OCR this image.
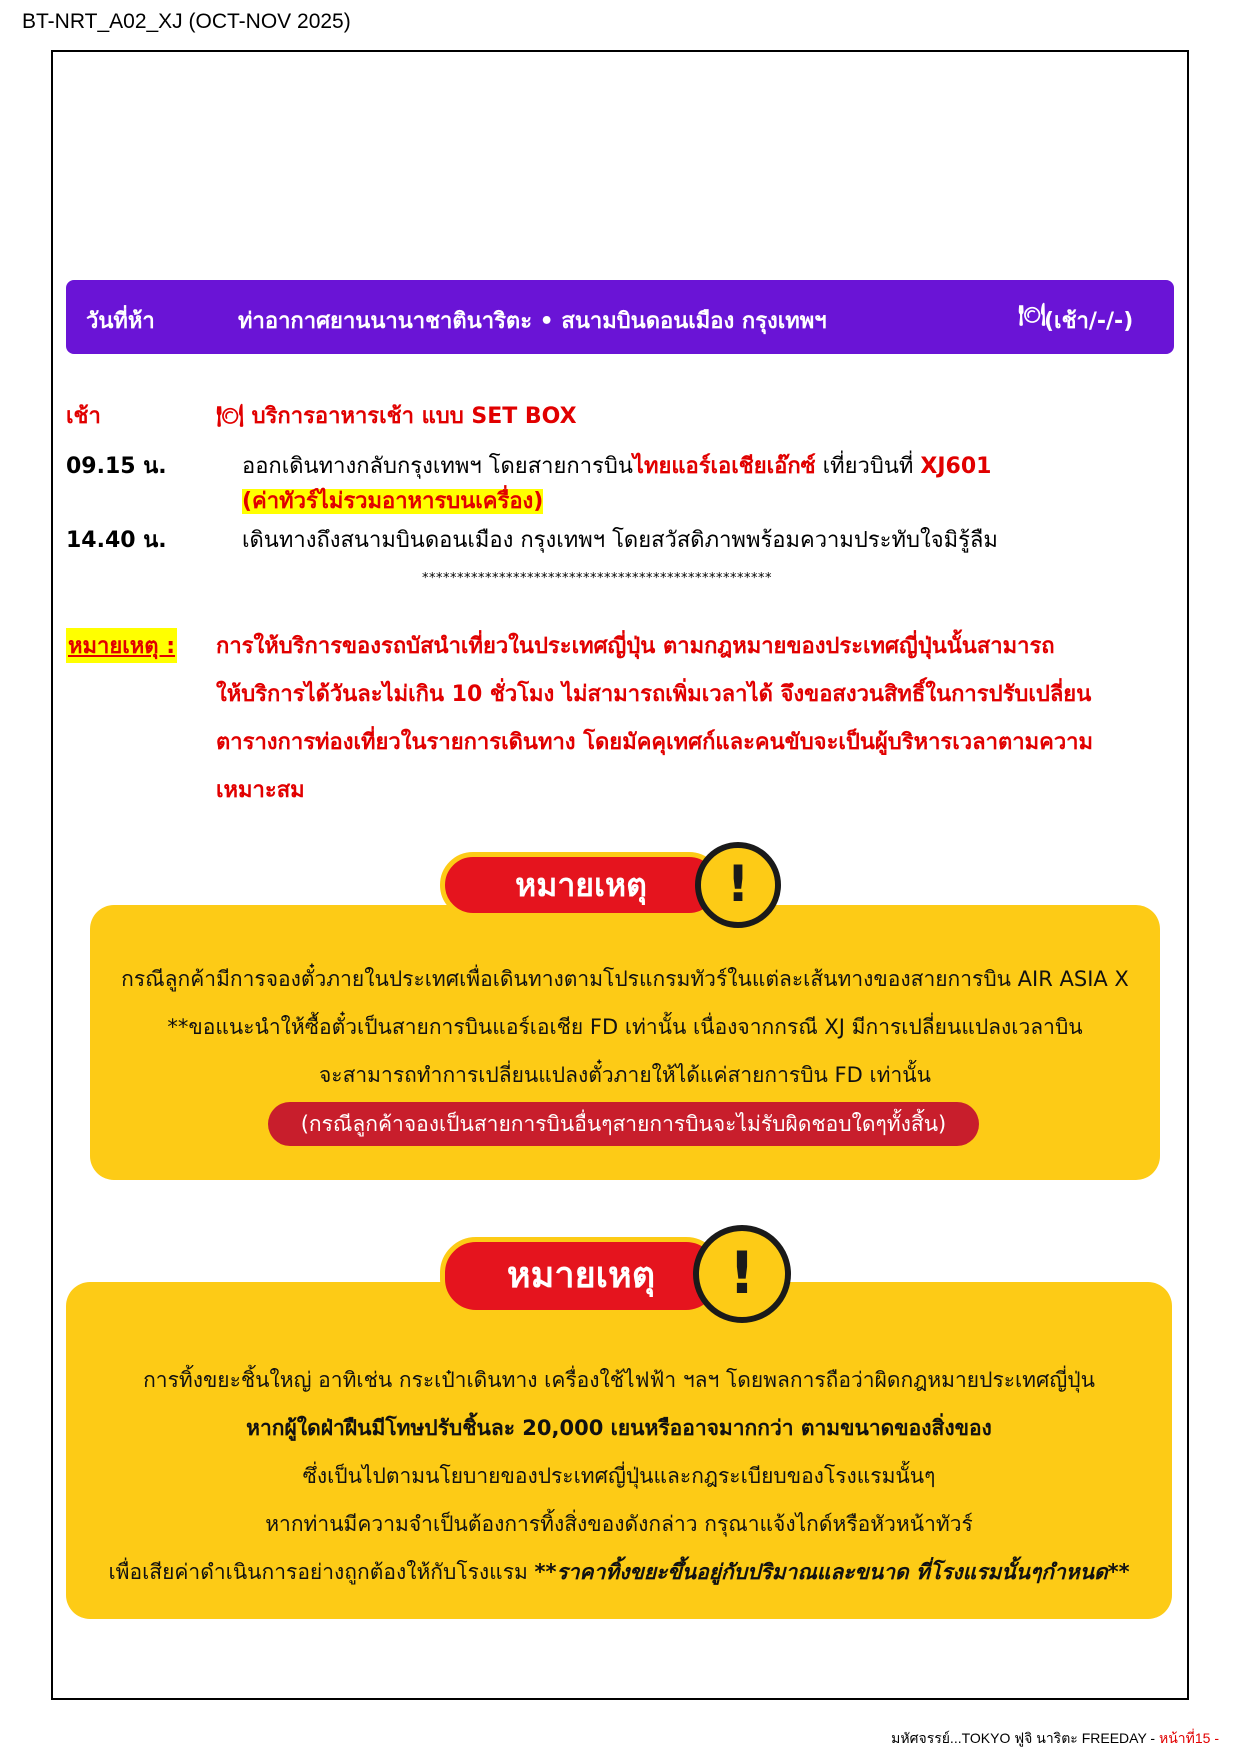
BT-NRT_A02_XJ (OCT-NOV 2025)
วันที่ห้า	ท่าอากาศยานนานาชาตินาริตะ • สนามบินดอนเมือง กรุงเทพฯ	🍽
(เช้า/-/-)
เช้า	🍽 บริการอาหารเช้า แบบ SET BOX
09.15 น.	ออกเดินทางกลับกรุงเทพฯ โดยสายการบินไทยแอร์เอเชียเอ๊กซ์ เที่ยวบินที่ XJ601
(ค่าทัวร์ไม่รวมอาหารบนเครื่อง)
14.40 น.	เดินทางถึงสนามบินดอนเมือง กรุงเทพฯ โดยสวัสดิภาพพร้อมความประทับใจมิรู้ลืม
**************************************************
หมายเหตุ : การให้บริการของรถบัสนำเที่ยวในประเทศญี่ปุ่น ตามกฎหมายของประเทศญี่ปุ่นนั้นสามารถ
ให้บริการได้วันละไม่เกิน 10 ชั่วโมง ไม่สามารถเพิ่มเวลาได้ จึงขอสงวนสิทธิ์ในการปรับเปลี่ยน
ตารางการท่องเที่ยวในรายการเดินทาง โดยมัคคุเทศก์และคนขับจะเป็นผู้บริหารเวลาตามความ
เหมาะสม
กรณีลูกค้ามีการจองตั๋วภายในประเทศเพื่อเดินทางตามโปรแกรมทัวร์ในแต่ละเส้นทางของสายการบิน AIR ASIA X
**ขอแนะนำให้ซื้อตั๋วเป็นสายการบินแอร์เอเชีย FD เท่านั้น เนื่องจากกรณี XJ มีการเปลี่ยนแปลงเวลาบิน
จะสามารถทำการเปลี่ยนแปลงตั๋วภายให้ได้แค่สายการบิน FD เท่านั้น
(กรณีลูกค้าจองเป็นสายการบินอื่นๆสายการบินจะไม่รับผิดชอบใดๆทั้งสิ้น)
หมายเหตุ	!
การทิ้งขยะชิ้นใหญ่ อาทิเช่น กระเป๋าเดินทาง เครื่องใช้ไฟฟ้า ฯลฯ โดยพลการถือว่าผิดกฎหมายประเทศญี่ปุ่น
หากผู้ใดฝ่าฝืนมีโทษปรับชิ้นละ 20,000 เยนหรืออาจมากกว่า ตามขนาดของสิ่งของ
ซึ่งเป็นไปตามนโยบายของประเทศญี่ปุ่นและกฎระเบียบของโรงแรมนั้นๆ
หากท่านมีความจำเป็นต้องการทิ้งสิ่งของดังกล่าว กรุณาแจ้งไกด์หรือหัวหน้าทัวร์
เพื่อเสียค่าดำเนินการอย่างถูกต้องให้กับโรงแรม **ราคาทิ้งขยะขึ้นอยู่กับปริมาณและขนาด ที่โรงแรมนั้นๆกำหนด**
หมายเหตุ	!
มหัศจรรย์...TOKYO ฟูจิ นาริตะ FREEDAY - หน้าที่15 -
